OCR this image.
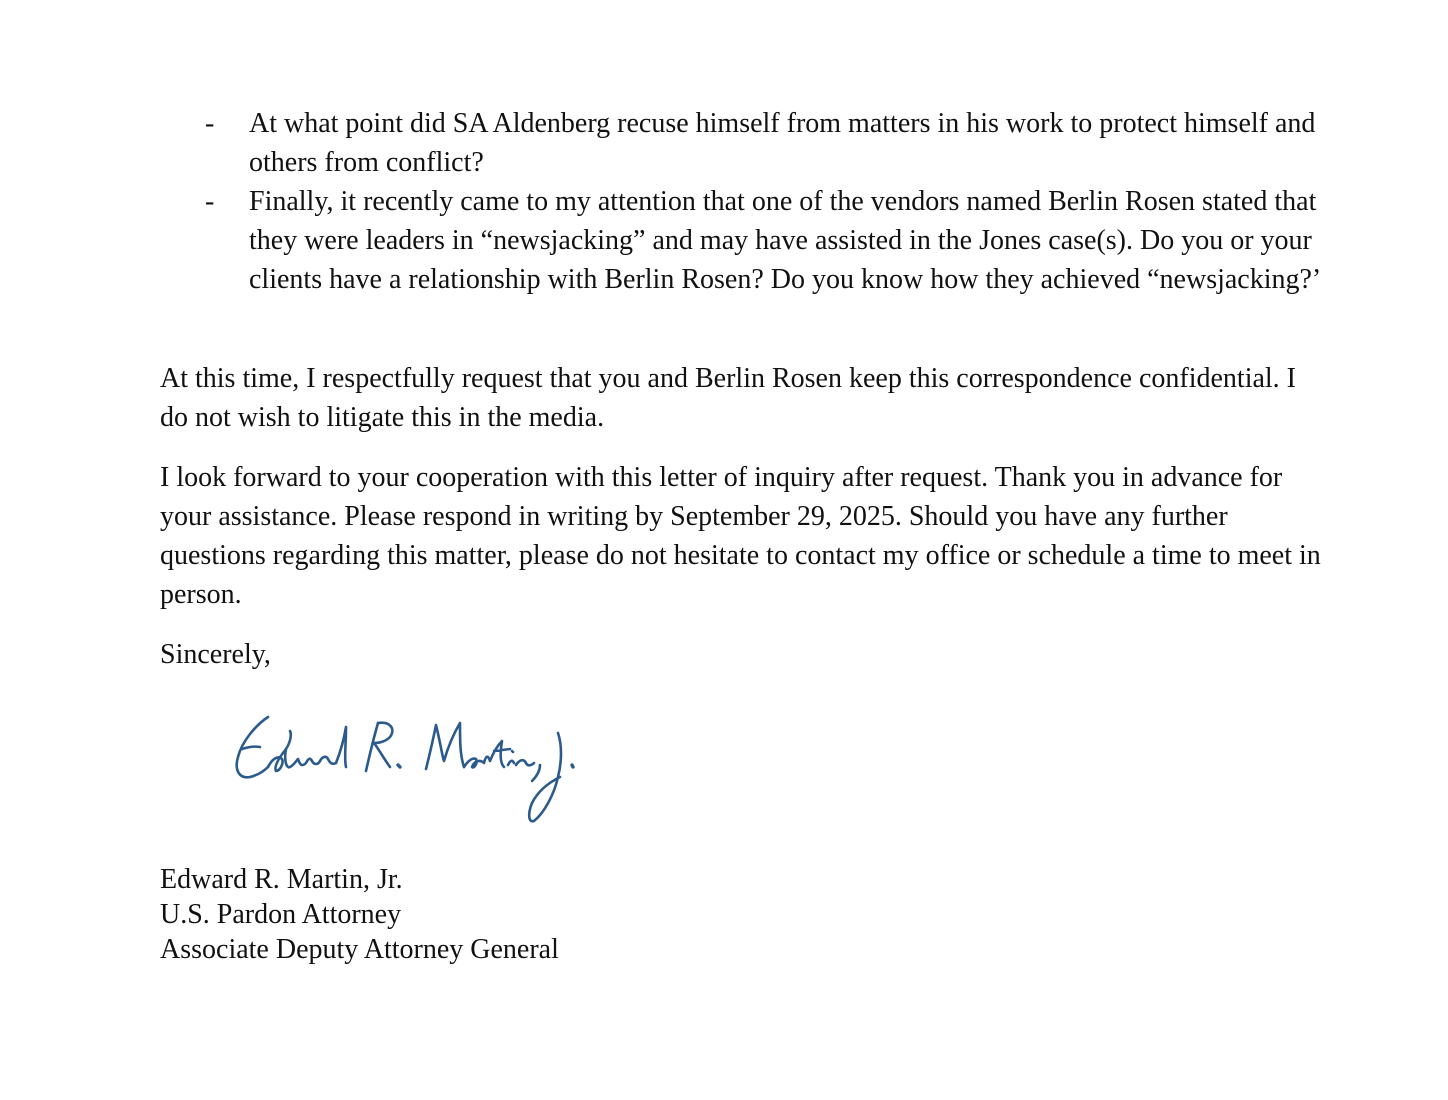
- At what point did SA Aldenberg recuse himself from matters in his work to protect himself and others from conflict?
- Finally, it recently came to my attention that one of the vendors named Berlin Rosen stated that they were leaders in “newsjacking” and may have assisted in the Jones case(s). Do you or your clients have a relationship with Berlin Rosen? Do you know how they achieved “newsjacking?’

At this time, I respectfully request that you and Berlin Rosen keep this correspondence confidential. I do not wish to litigate this in the media.

I look forward to your cooperation with this letter of inquiry after request. Thank you in advance for your assistance. Please respond in writing by September 29, 2025. Should you have any further questions regarding this matter, please do not hesitate to contact my office or schedule a time to meet in person.

Sincerely,

Edward R. Martin, Jr.
U.S. Pardon Attorney
Associate Deputy Attorney General
